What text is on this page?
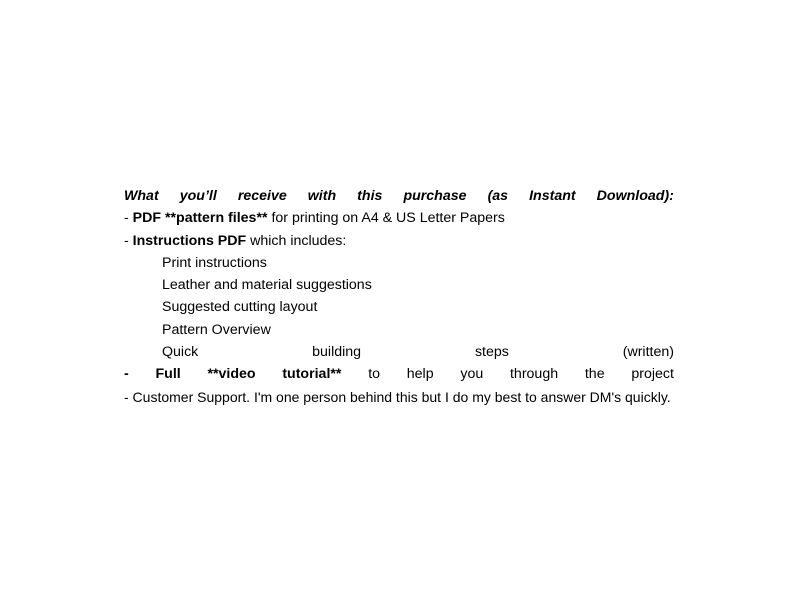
What you’ll receive with this purchase (as Instant Download):
- PDF **pattern files** for printing on A4 & US Letter Papers
- Instructions PDF which includes:
Print instructions
Leather and material suggestions
Suggested cutting layout
Pattern Overview
Quick	building	steps	(written)
- Full **video tutorial** to help you through the project
- Customer Support. I'm one person behind this but I do my best to answer DM's quickly.
